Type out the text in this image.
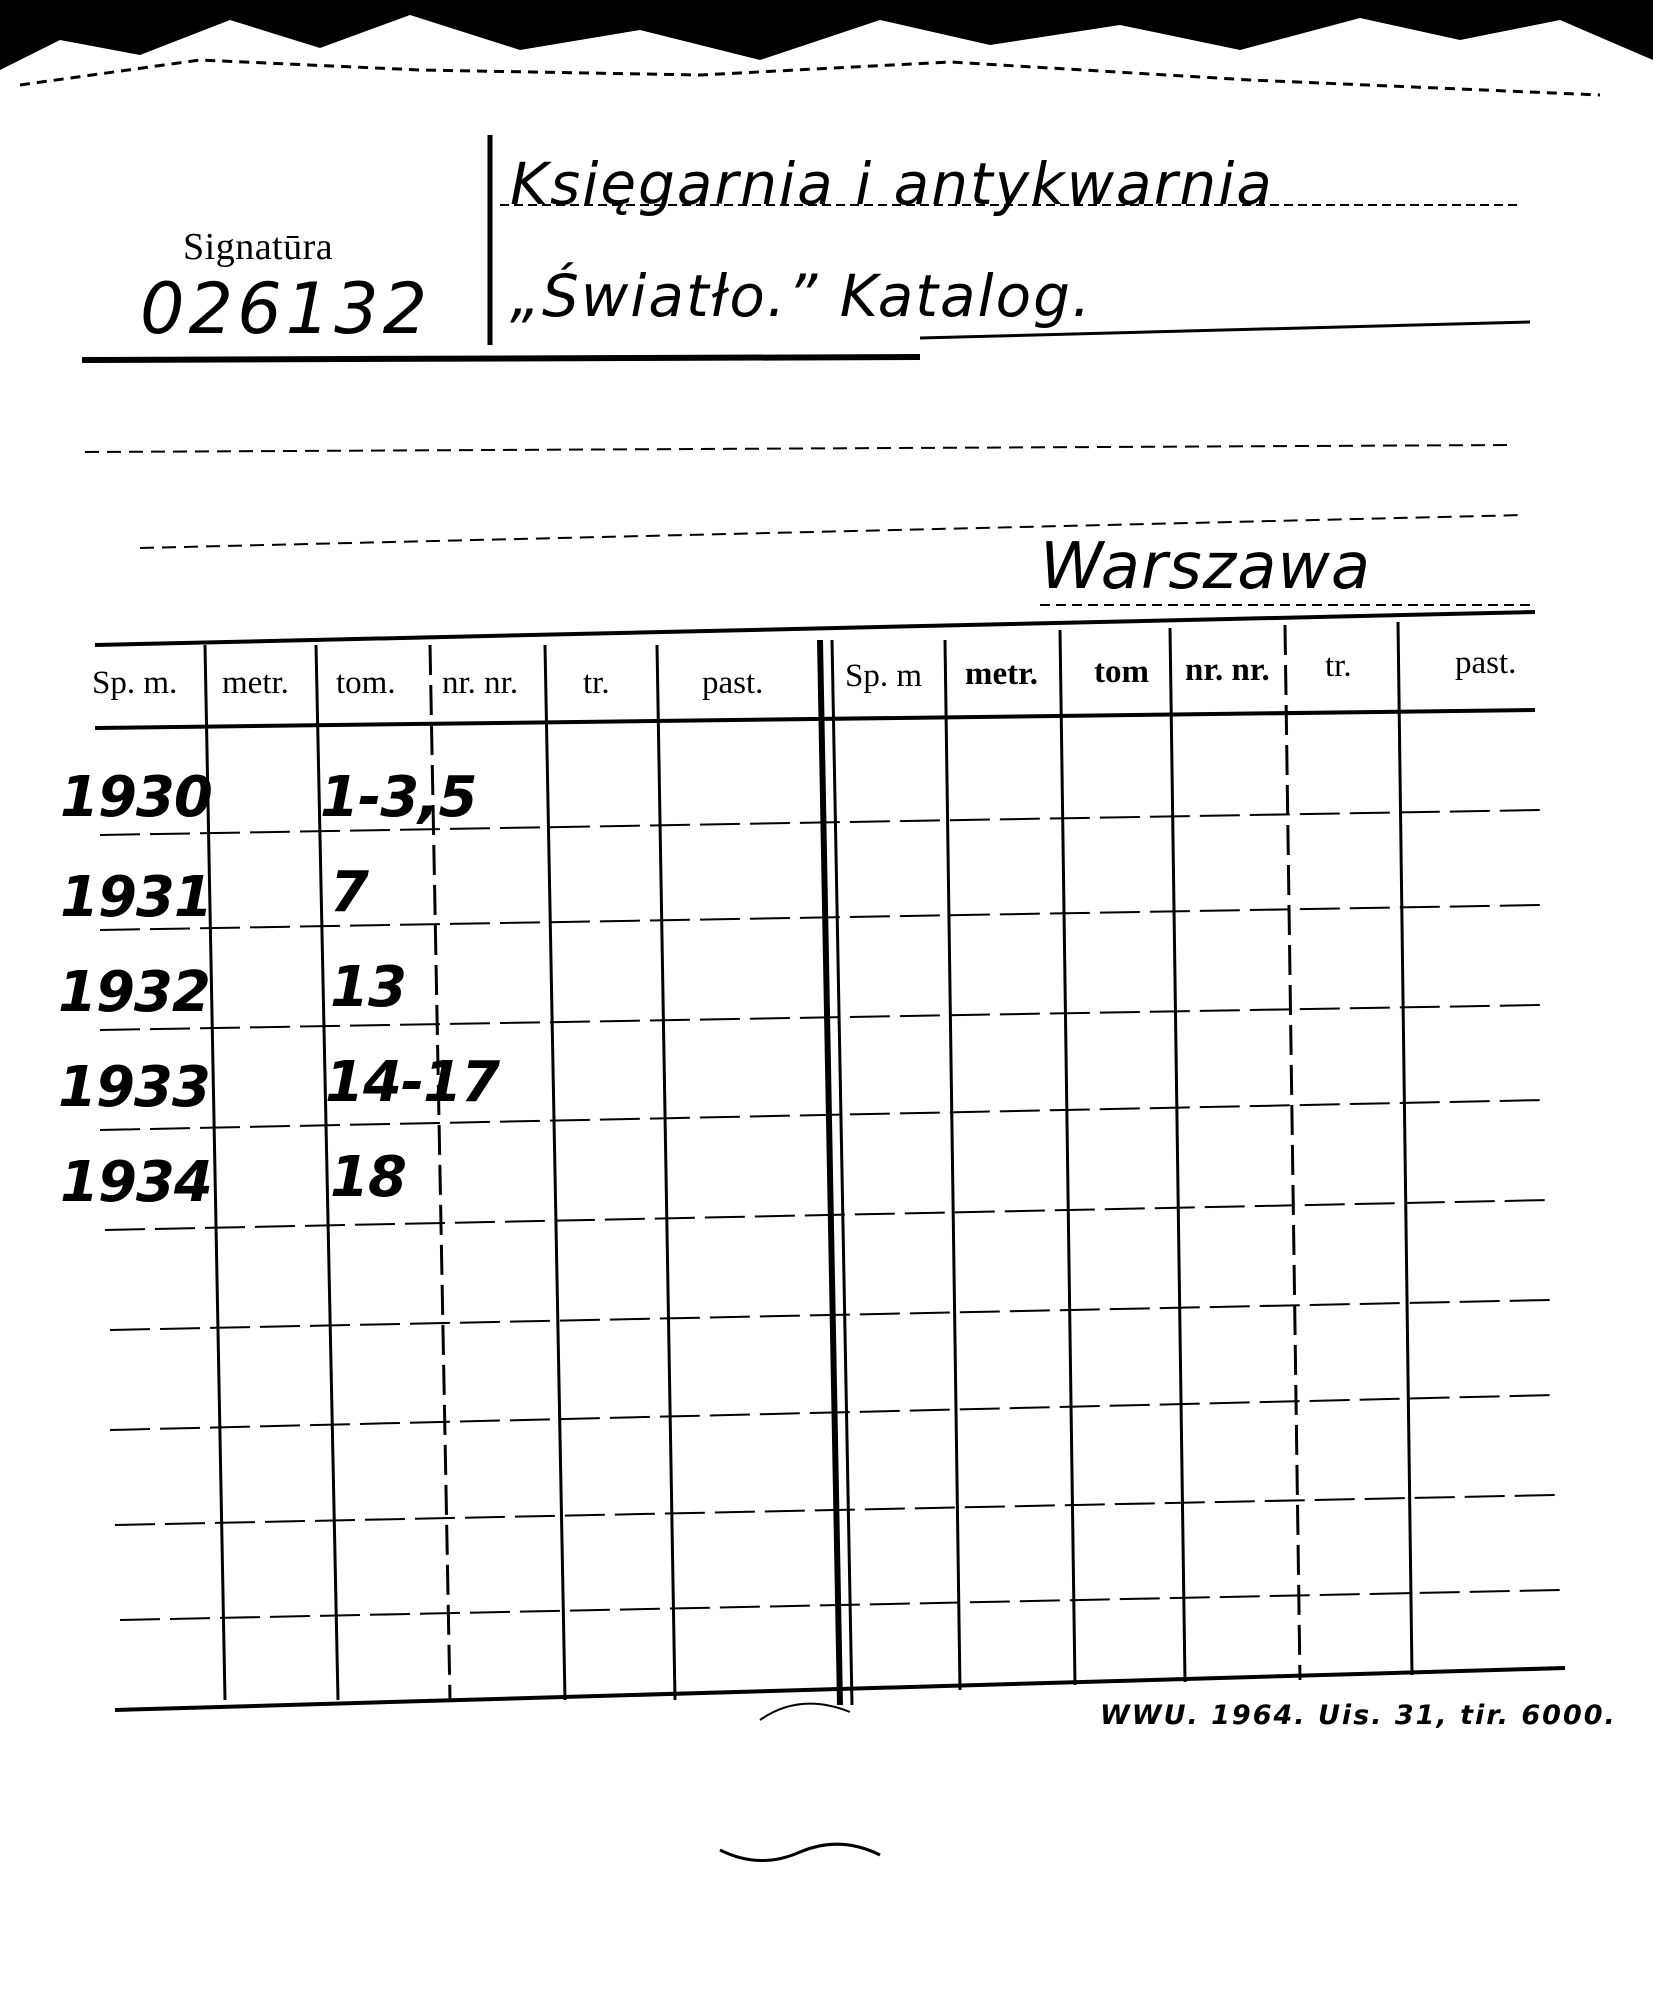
Signatūra
026132
Księgarnia i antykwarnia
„Światło.” Katalog.
Warszawa
Sp. m. metr. tom. nr. nr. tr.	past. Sp. m metr. tom nr. nr. tr.	past.
1930 1-3,5
1931 7
1932 13
1933 14-17
1934 18
WWU. 1964. Uis. 31, tir. 6000.
